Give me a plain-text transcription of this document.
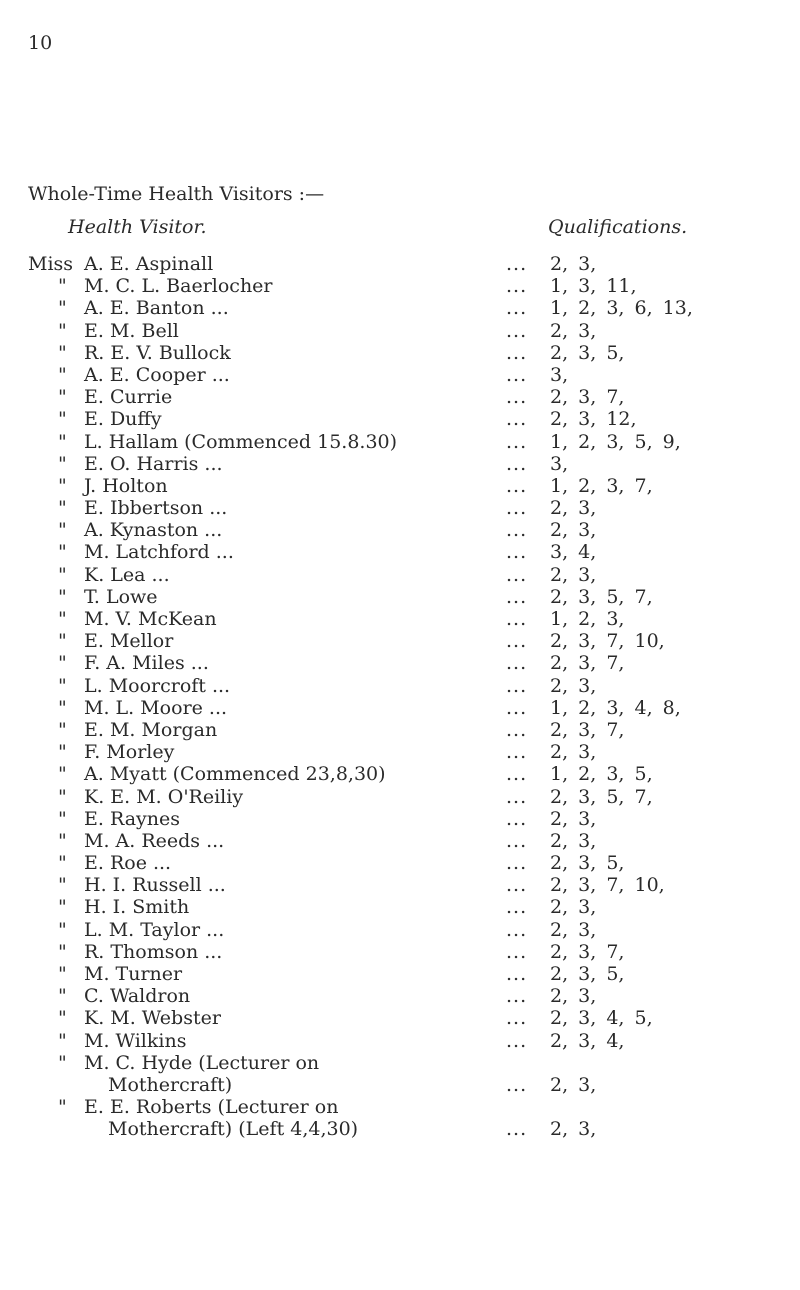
10
Whole-Time Health Visitors :—
Health Visitor.	Qualifications.
Miss A. E. Aspinall	... 2, 3,
" M. C. L. Baerlocher	... 1, 3, 11,
" A. E. Banton ...	... 1, 2, 3, 6, 13,
" E. M. Bell	... 2, 3,
" R. E. V. Bullock	... 2, 3, 5,
" A. E. Cooper ...	... 3,
" E. Currie	... 2, 3, 7,
" E. Duffy	... 2, 3, 12,
" L. Hallam (Commenced 15.8.30)	... 1, 2, 3, 5, 9,
" E. O. Harris ...	... 3,
" J. Holton	... 1, 2, 3, 7,
" E. Ibbertson ...	... 2, 3,
" A. Kynaston ...	... 2, 3,
" M. Latchford ...	... 3, 4,
" K. Lea ...	... 2, 3,
" T. Lowe	... 2, 3, 5, 7,
" M. V. McKean	... 1, 2, 3,
" E. Mellor	... 2, 3, 7, 10,
" F. A. Miles ...	... 2, 3, 7,
" L. Moorcroft ...	... 2, 3,
" M. L. Moore ...	... 1, 2, 3, 4, 8,
" E. M. Morgan	... 2, 3, 7,
" F. Morley	... 2, 3,
" A. Myatt (Commenced 23,8,30)	... 1, 2, 3, 5,
" K. E. M. O'Reiliy	... 2, 3, 5, 7,
" E. Raynes	... 2, 3,
" M. A. Reeds ...	... 2, 3,
" E. Roe ...	... 2, 3, 5,
" H. I. Russell ...	... 2, 3, 7, 10,
" H. I. Smith	... 2, 3,
" L. M. Taylor ...	... 2, 3,
" R. Thomson ...	... 2, 3, 7,
" M. Turner	... 2, 3, 5,
" C. Waldron	... 2, 3,
" K. M. Webster	... 2, 3, 4, 5,
" M. Wilkins	... 2, 3, 4,
" M. C. Hyde (Lecturer on
Mothercraft)	... 2, 3,
" E. E. Roberts (Lecturer on
Mothercraft) (Left 4,4,30)	... 2, 3,
